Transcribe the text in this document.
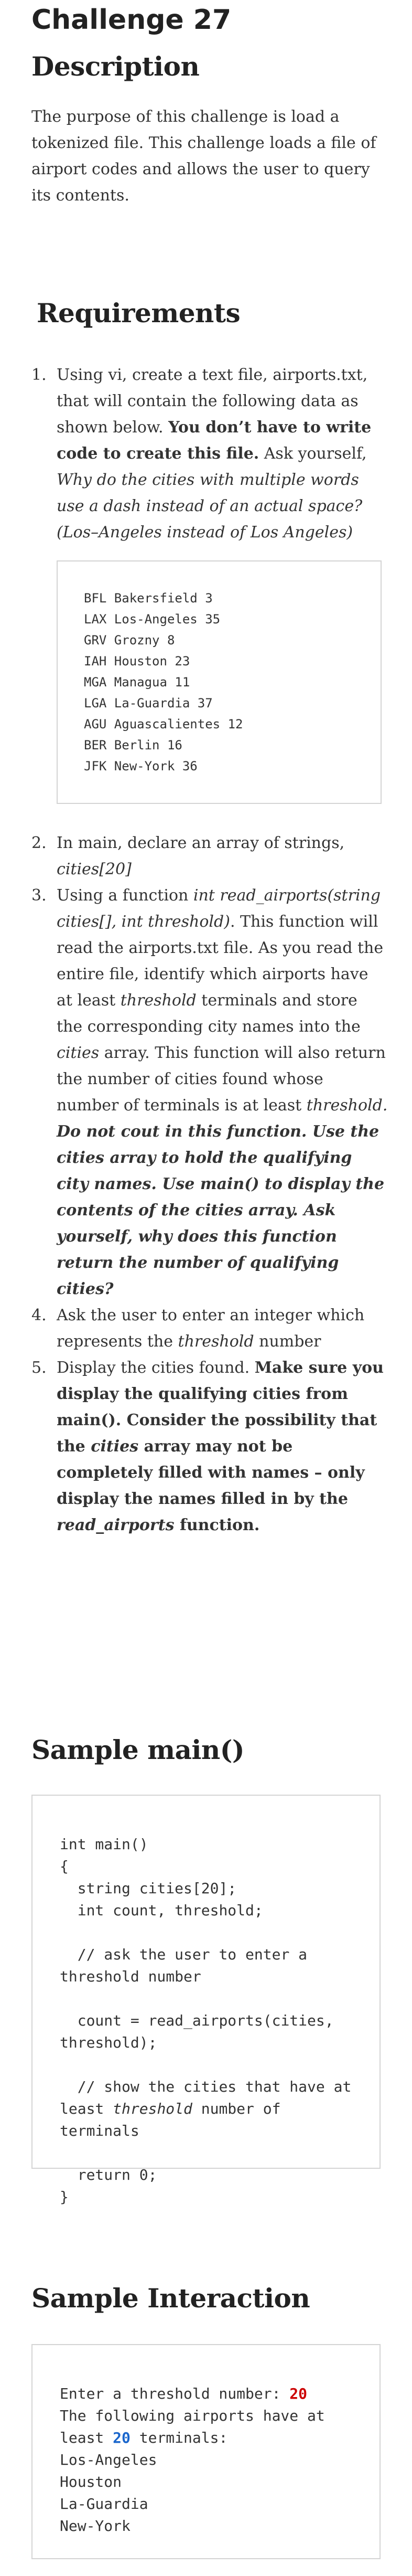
Challenge 27
Description

The purpose of this challenge is load a tokenized file. This challenge loads a file of airport codes and allows the user to query its contents.

Requirements
1. Using vi, create a text file, airports.txt, that will contain the following data as shown below. You don’t have to write code to create this file. Ask yourself, Why do the cities with multiple words use a dash instead of an actual space? (Los–Angeles instead of Los Angeles)
BFL Bakersfield 3
LAX Los-Angeles 35
GRV Grozny 8
IAH Houston 23
MGA Managua 11
LGA La-Guardia 37
AGU Aguascalientes 12
BER Berlin 16
JFK New-York 36
2. In main, declare an array of strings, cities[20]
3. Using a function int read_airports(string cities[], int threshold). This function will read the airports.txt file. As you read the entire file, identify which airports have at least threshold terminals and store the corresponding city names into the cities array. This function will also return the number of cities found whose number of terminals is at least threshold. Do not cout in this function. Use the cities array to hold the qualifying city names. Use main() to display the contents of the cities array. Ask yourself, why does this function return the number of qualifying cities?
4. Ask the user to enter an integer which represents the threshold number
5. Display the cities found. Make sure you display the qualifying cities from main(). Consider the possibility that the cities array may not be completely filled with names – only display the names filled in by the read_airports function.
Sample main()
int main()
{
string cities[20];
int count, threshold;
// ask the user to enter a threshold number
count = read_airports(cities, threshold);
// show the cities that have at least threshold number of terminals
return 0;
}
Sample Interaction
Enter a threshold number: 20
The following airports have at
least 20 terminals:
Los-Angeles
Houston
La-Guardia
New-York
